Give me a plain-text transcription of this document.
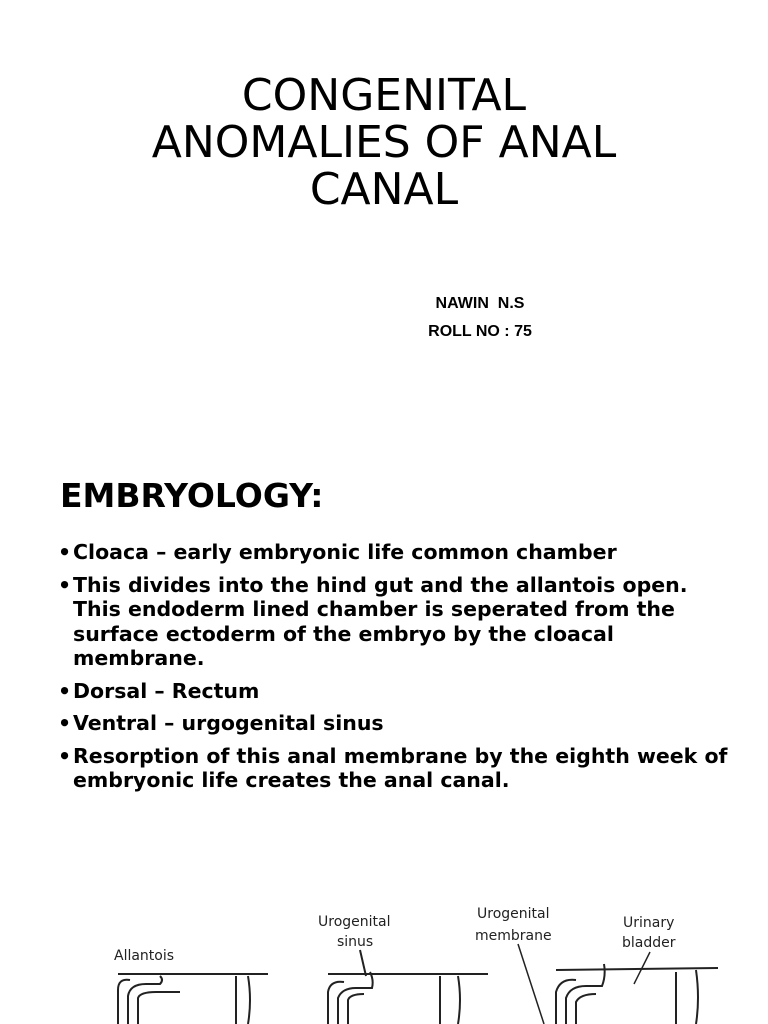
CONGENITAL
ANOMALIES OF ANAL
CANAL
NAWIN  N.S
ROLL NO : 75
EMBRYOLOGY:
• Cloaca – early embryonic life common chamber
• This divides into the hind gut and the allantois open. This endoderm lined chamber is seperated from the surface ectoderm of the embryo by the cloacal membrane.
• Dorsal – Rectum
• Ventral – urgogenital sinus
• Resorption of this anal membrane by the eighth week of embryonic life creates the anal canal.
Allantois
Urogenital
sinus
Urogenital
membrane
Urinary
bladder
